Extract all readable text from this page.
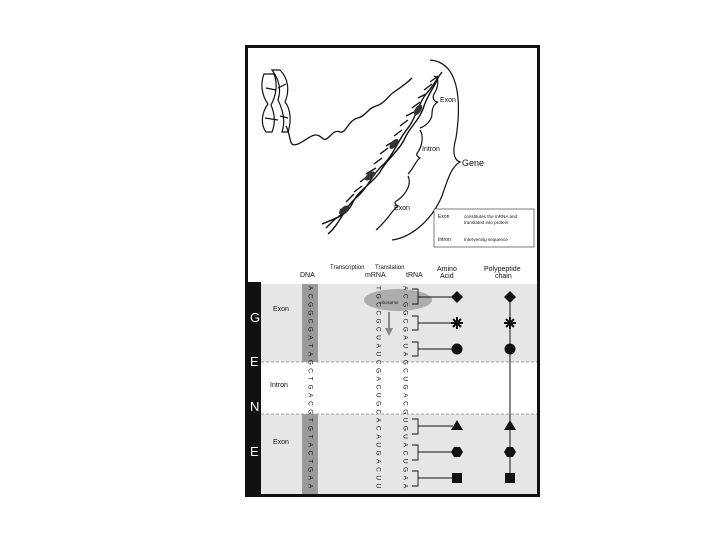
Exon
Intron
Gene
Exon
Exon	constitutes the mRNA and
translated into protein
Intron	Intervening sequence
Transcription Translation
DNA	mRNA	tRNA
Amino
Acid
Polypeptide
chain
G
E
N
E
Exon
Intron
Exon
ribosome
A
C
G
G
C
G
A
T
A
G
C
T
G
A
C
G
T
G
T
A
C
T
G
A
A
T
G
C
C
G
C
U
A
U
C
G
A
C
U
G
C
A
C
A
U
G
A
C
U
U
A
C
G
G
C
G
A
U
A
G
C
U
G
A
C
G
U
G
U
A
C
U
G
A
A
